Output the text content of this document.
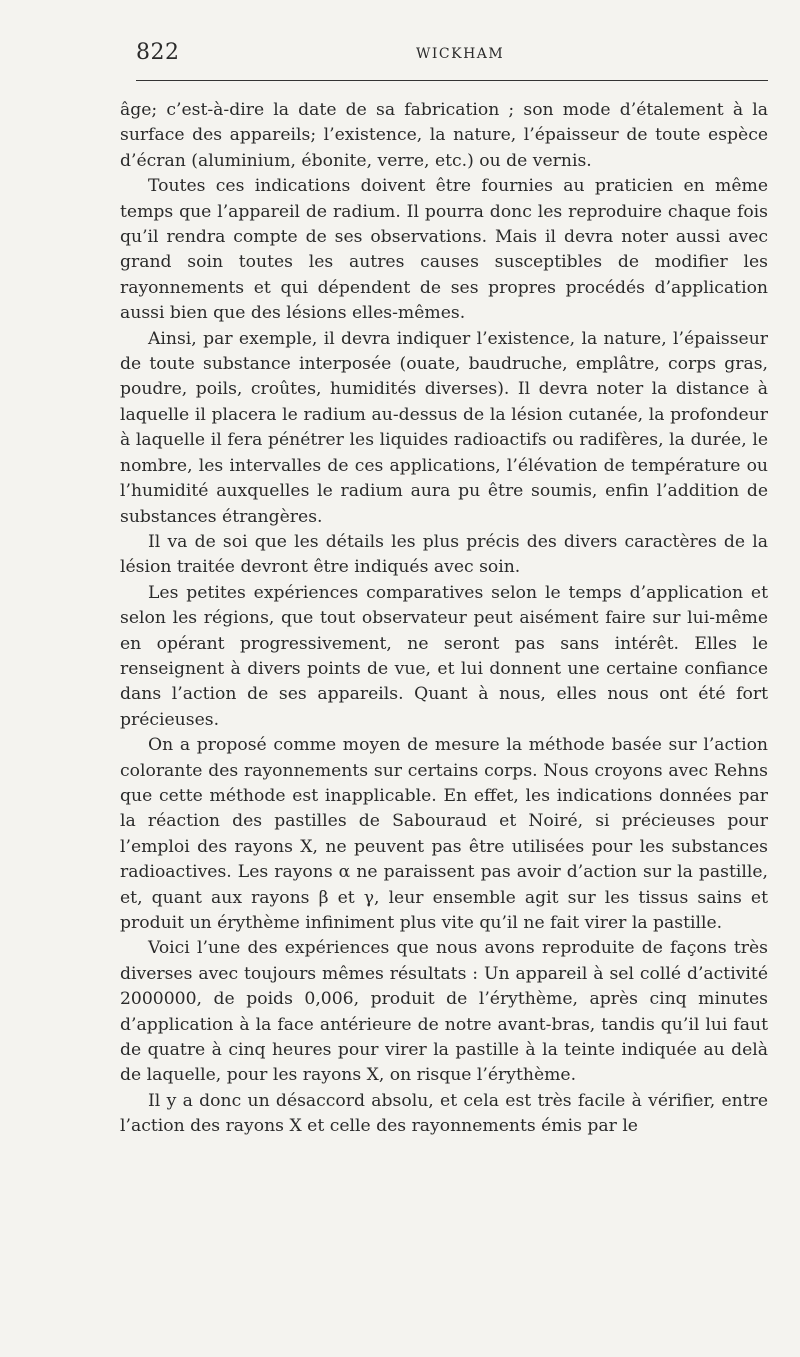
822	WICKHAM

âge; c’est-à-dire la date de sa fabrication ; son mode d’étalement à la surface des appareils; l’existence, la nature, l’épaisseur de toute espèce d’écran (aluminium, ébonite, verre, etc.) ou de vernis.

Toutes ces indications doivent être fournies au praticien en même temps que l’appareil de radium. Il pourra donc les reproduire chaque fois qu’il rendra compte de ses observations. Mais il devra noter aussi avec grand soin toutes les autres causes susceptibles de modifier les rayonnements et qui dépendent de ses propres procédés d’application aussi bien que des lésions elles-mêmes.

Ainsi, par exemple, il devra indiquer l’existence, la nature, l’épaisseur de toute substance interposée (ouate, baudruche, emplâtre, corps gras, poudre, poils, croûtes, humidités diverses). Il devra noter la distance à laquelle il placera le radium au-dessus de la lésion cutanée, la profondeur à laquelle il fera pénétrer les liquides radioactifs ou radifères, la durée, le nombre, les intervalles de ces applications, l’élévation de température ou l’humidité auxquelles le radium aura pu être soumis, enfin l’addition de substances étrangères.

Il va de soi que les détails les plus précis des divers caractères de la lésion traitée devront être indiqués avec soin.

Les petites expériences comparatives selon le temps d’application et selon les régions, que tout observateur peut aisément faire sur lui-même en opérant progressivement, ne seront pas sans intérêt. Elles le renseignent à divers points de vue, et lui donnent une certaine confiance dans l’action de ses appareils. Quant à nous, elles nous ont été fort précieuses.

On a proposé comme moyen de mesure la méthode basée sur l’action colorante des rayonnements sur certains corps. Nous croyons avec Rehns que cette méthode est inapplicable. En effet, les indications données par la réaction des pastilles de Sabouraud et Noiré, si précieuses pour l’emploi des rayons X, ne peuvent pas être utilisées pour les substances radioactives. Les rayons α ne paraissent pas avoir d’action sur la pastille, et, quant aux rayons β et γ, leur ensemble agit sur les tissus sains et produit un érythème infiniment plus vite qu’il ne fait virer la pastille.

Voici l’une des expériences que nous avons reproduite de façons très diverses avec toujours mêmes résultats : Un appareil à sel collé d’activité 2000000, de poids 0,006, produit de l’érythème, après cinq minutes d’application à la face antérieure de notre avant-bras, tandis qu’il lui faut de quatre à cinq heures pour virer la pastille à la teinte indiquée au delà de laquelle, pour les rayons X, on risque l’érythème.

Il y a donc un désaccord absolu, et cela est très facile à vérifier, entre l’action des rayons X et celle des rayonnements émis par le
